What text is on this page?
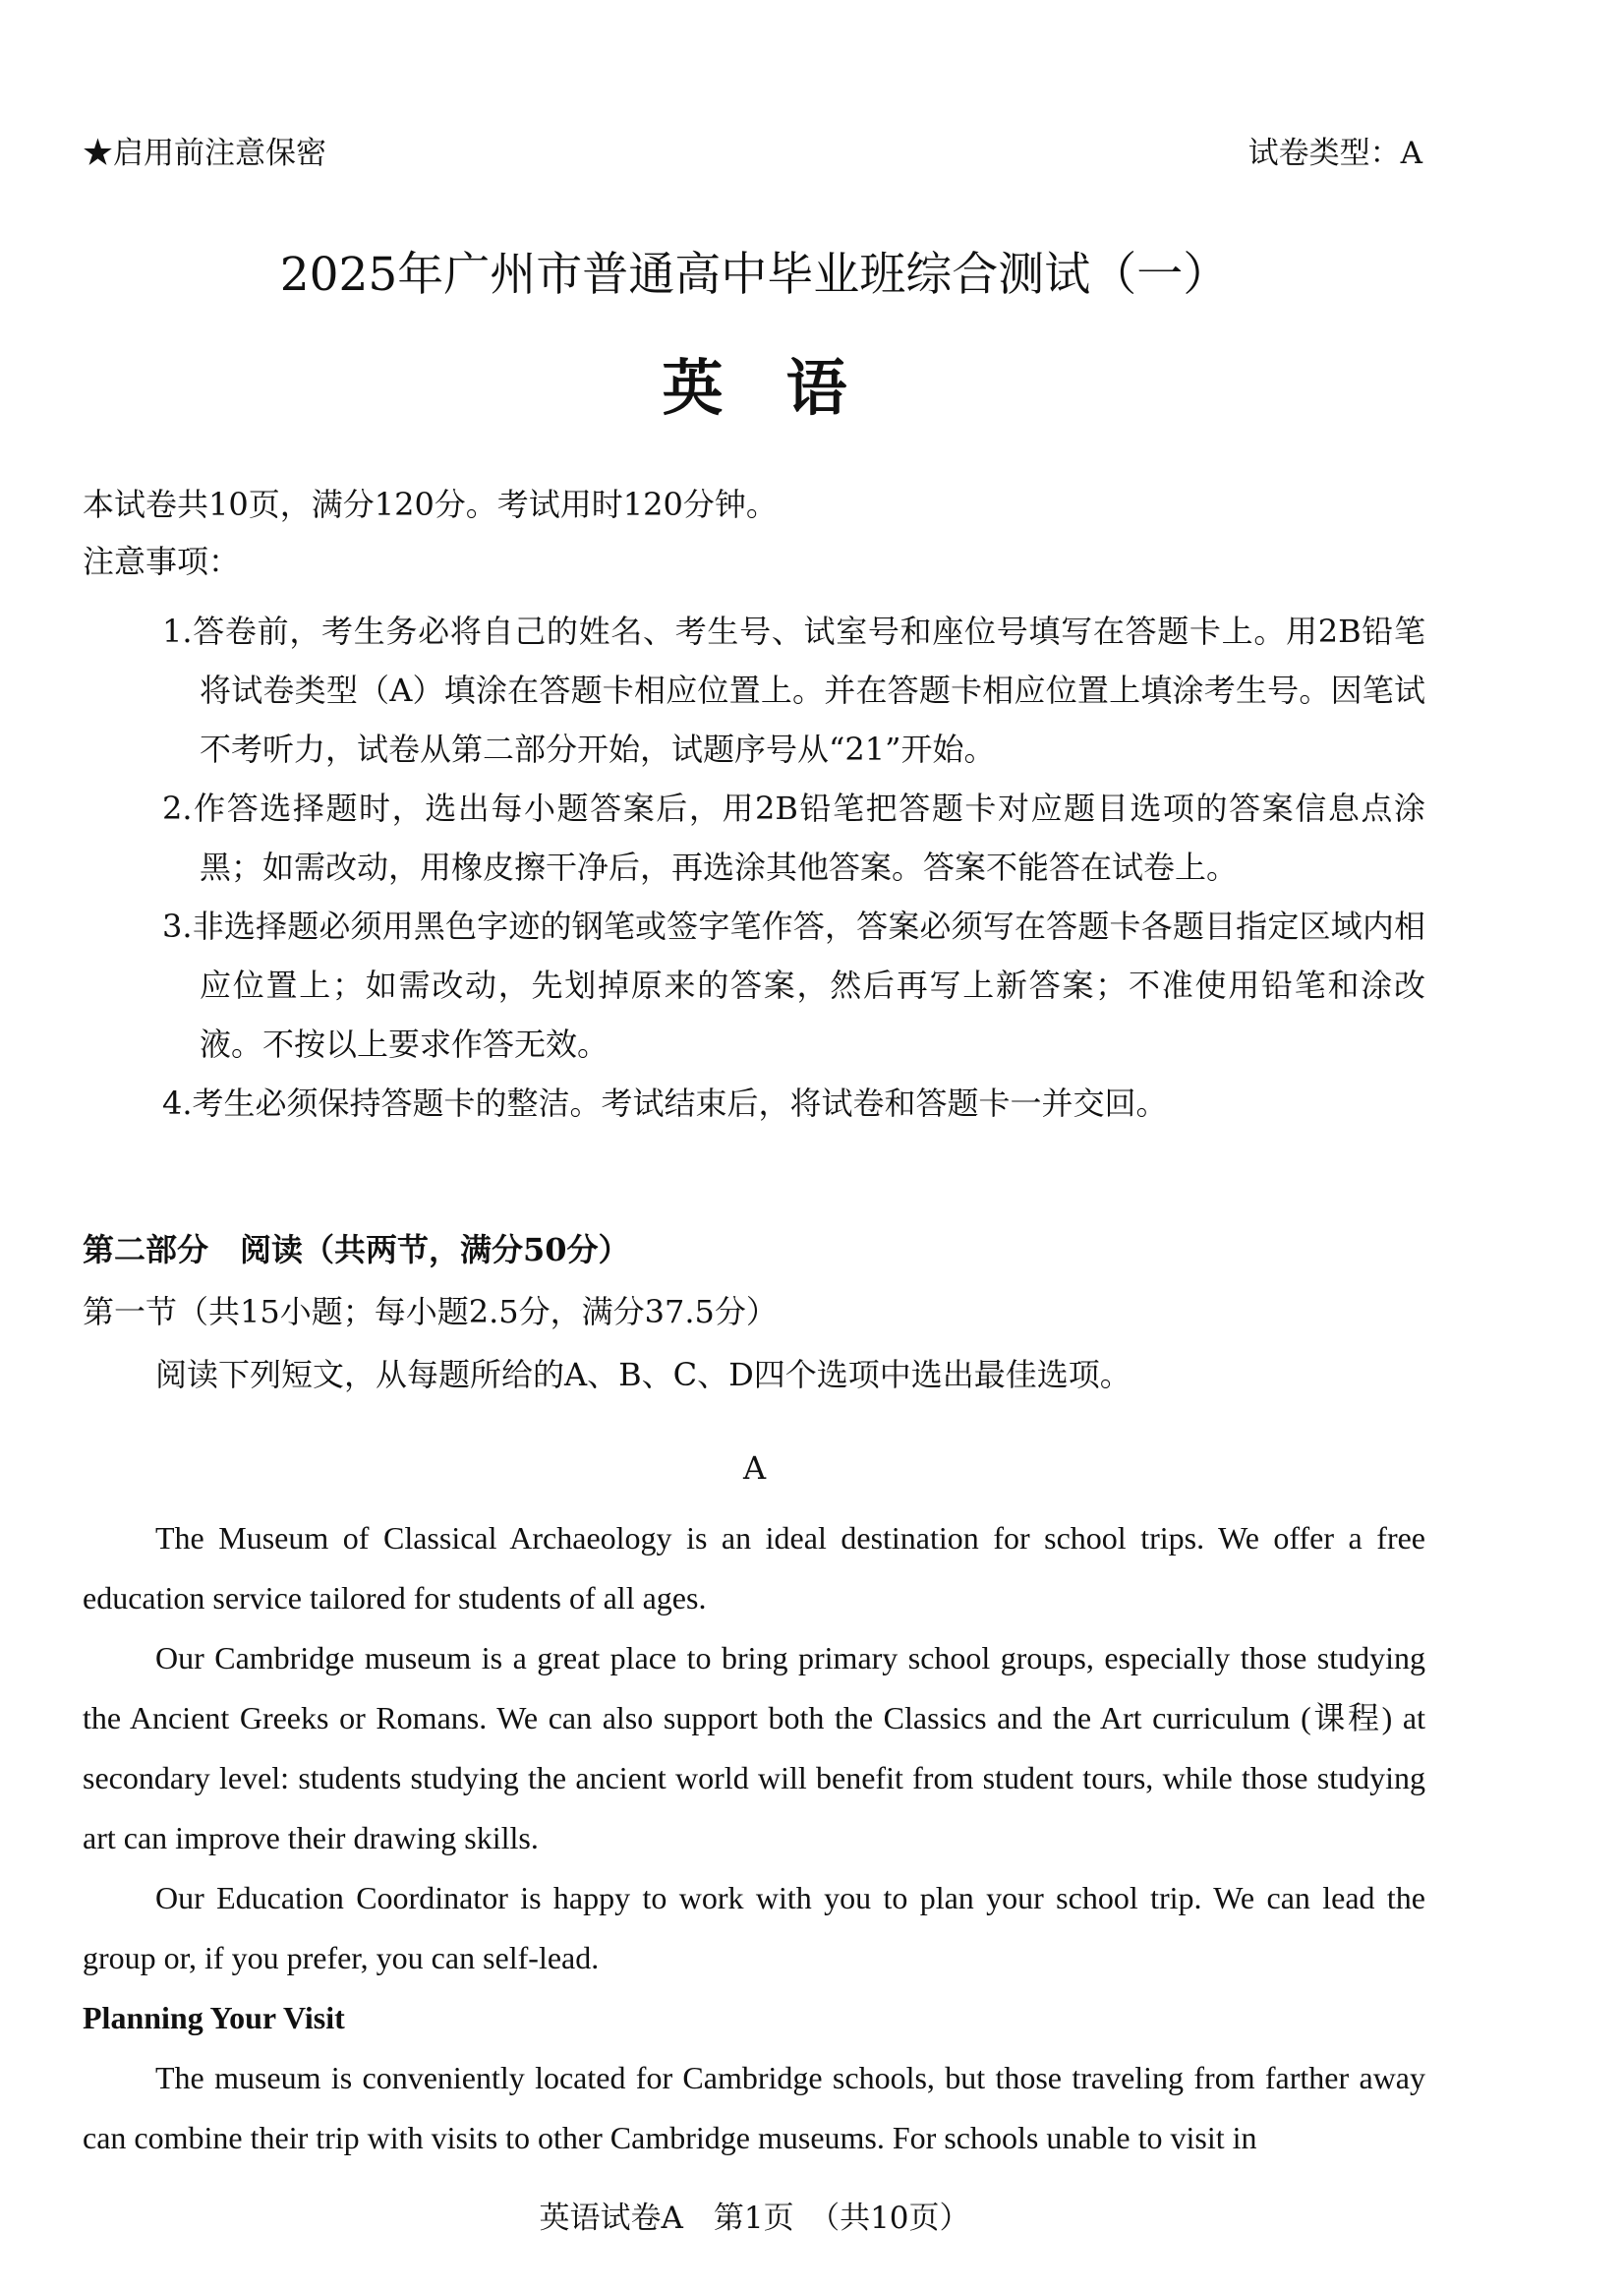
★启用前注意保密	试卷类型：A
2025年广州市普通高中毕业班综合测试（一）
英语
本试卷共10页，满分120分。考试用时120分钟。
注意事项：
1.答卷前，考生务必将自己的姓名、考生号、试室号和座位号填写在答题卡上。用2B铅笔将试卷类型（A）填涂在答题卡相应位置上。并在答题卡相应位置上填涂考生号。因笔试不考听力，试卷从第二部分开始，试题序号从“21”开始。
2.作答选择题时，选出每小题答案后，用2B铅笔把答题卡对应题目选项的答案信息点涂黑；如需改动，用橡皮擦干净后，再选涂其他答案。答案不能答在试卷上。
3.非选择题必须用黑色字迹的钢笔或签字笔作答，答案必须写在答题卡各题目指定区域内相应位置上；如需改动，先划掉原来的答案，然后再写上新答案；不准使用铅笔和涂改液。不按以上要求作答无效。
4.考生必须保持答题卡的整洁。考试结束后，将试卷和答题卡一并交回。
第二部分　阅读（共两节，满分50分）
第一节（共15小题；每小题2.5分，满分37.5分）
阅读下列短文，从每题所给的A、B、C、D四个选项中选出最佳选项。
A

The Museum of Classical Archaeology is an ideal destination for school trips. We offer a free education service tailored for students of all ages.

Our Cambridge museum is a great place to bring primary school groups, especially those studying the Ancient Greeks or Romans. We can also support both the Classics and the Art curriculum (课程) at secondary level: students studying the ancient world will benefit from student tours, while those studying art can improve their drawing skills.

Our Education Coordinator is happy to work with you to plan your school trip. We can lead the group or, if you prefer, you can self-lead.

Planning Your Visit

The museum is conveniently located for Cambridge schools, but those traveling from farther away can combine their trip with visits to other Cambridge museums. For schools unable to visit in

英语试卷A　第1页　（共10页）
